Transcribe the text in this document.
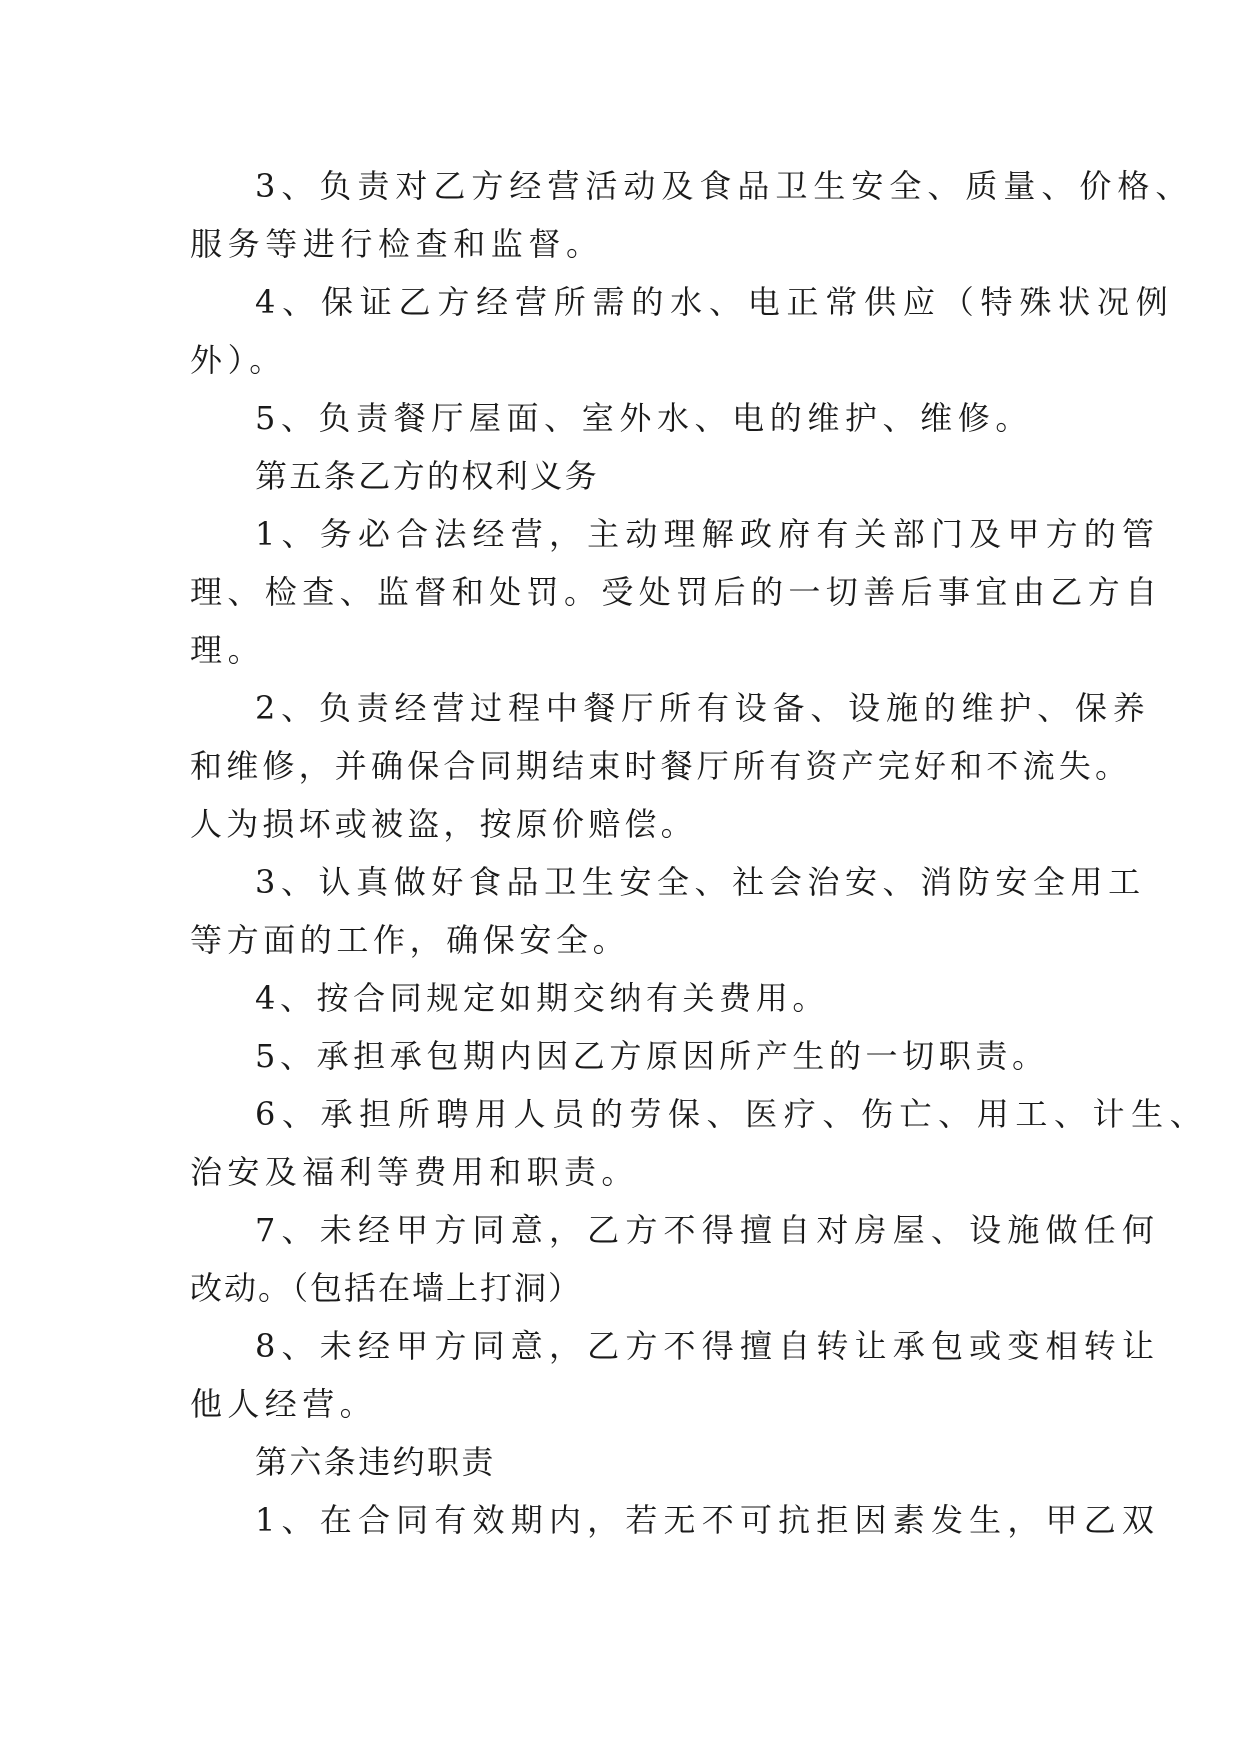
3、负责对乙方经营活动及食品卫生安全、质量、价格、
服务等进行检查和监督。
4、保证乙方经营所需的水、电正常供应（特殊状况例
外）。
5、负责餐厅屋面、室外水、电的维护、维修。
第五条乙方的权利义务
1、务必合法经营，主动理解政府有关部门及甲方的管
理、检查、监督和处罚。受处罚后的一切善后事宜由乙方自
理。
2、负责经营过程中餐厅所有设备、设施的维护、保养
和维修，并确保合同期结束时餐厅所有资产完好和不流失。
人为损坏或被盗，按原价赔偿。
3、认真做好食品卫生安全、社会治安、消防安全用工
等方面的工作，确保安全。
4、按合同规定如期交纳有关费用。
5、承担承包期内因乙方原因所产生的一切职责。
6、承担所聘用人员的劳保、医疗、伤亡、用工、计生、
治安及福利等费用和职责。
7、未经甲方同意，乙方不得擅自对房屋、设施做任何
改动。（包括在墙上打洞）
8、未经甲方同意，乙方不得擅自转让承包或变相转让
他人经营。
第六条违约职责
1、在合同有效期内，若无不可抗拒因素发生，甲乙双
